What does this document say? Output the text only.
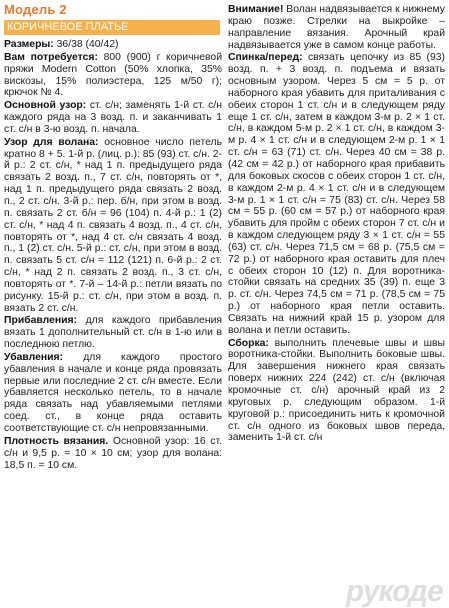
Модель 2
КОРИЧНЕВОЕ ПЛАТЬЕ
Размеры: 36/38 (40/42)
Вам потребуется: 800 (900) г коричневой пряжи Modern Cotton (50% хлопка, 35% вискозы, 15% полиэстера, 125 м/50 г); крючок № 4.
Основной узор: ст. с/н; заменять 1-й ст. с/н каждого ряда на 3 возд. п. и заканчивать 1 ст. с/н в 3-ю возд. п. начала.
Узор для волана: основное число петель кратно 8 + 5. 1-й р. (лиц. р.): 85 (93) ст. с/н. 2-й р.: 2 ст. с/н, * над 1 п. предыдущего ряда связать 2 возд. п., 7 ст. с/н, повторять от *, над 1 п. предыдущего ряда связать 2 возд. п., 2 ст. с/н. 3-й р.: пер. б/н, при этом в возд. п. связать 2 ст. б/н = 96 (104) п. 4-й р.: 1 (2) ст. с/н, * над 4 п. связать 4 возд. п., 4 ст. с/н, повторять от *, над 4 ст. с/н связать 4 возд. п., 1 (2) ст. с/н. 5-й р.: ст. с/н, при этом в возд. п. связать 5 ст. с/н = 112 (121) п. 6-й р.: 2 ст. с/н, * над 2 п. связать 2 возд. п., 3 ст. с/н, повторять от *. 7-й – 14-й р.: петли вязать по рисунку. 15-й р.: ст. с/н, при этом в возд. п. вязать 2 ст. с/н.
Прибавления: для каждого прибавления вязать 1 дополнительный ст. с/н в 1-ю или в последнюю петлю.
Убавления: для каждого простого убавления в начале и конце ряда провязать первые или последние 2 ст. с/н вместе. Если убавляется несколько петель, то в начале ряда связать над убавляемыми петлями соед. ст., в конце ряда оставить соответствующие ст. с/н непровязанными.
Плотность вязания. Основной узор: 16 ст. с/н и 9,5 р. = 10 × 10 см; узор для волана: 18,5 п. = 10 см.
Внимание! Волан надвязывается к нижнему краю позже. Стрелки на выкройке – направление вязания. Арочный край надвязывается уже в самом конце работы.
Спинка/перед: связать цепочку из 85 (93) возд. п. + 3 возд. п. подъема и вязать основным узором. Через 5 см = 5 р. от наборного края убавить для приталивания с обеих сторон 1 ст. с/н и в следующем ряду еще 1 ст. с/н, затем в каждом 3-м р. 2 × 1 ст. с/н, в каждом 5-м р. 2 × 1 ст. с/н, в каждом 3-м р. 4 × 1 ст. с/н и в следующем 2-м р. 1 × 1 ст. с/н = 63 (71) ст. с/н. Через 40 см = 38 р. (42 см = 42 р.) от наборного края прибавить для боковых скосов с обеих сторон 1 ст. с/н, в каждом 2-м р. 4 × 1 ст. с/н и в следующем 3-м р. 1 × 1 ст. с/н = 75 (83) ст. с/н. Через 58 см = 55 р. (60 см = 57 р.) от наборного края убавить для пройм с обеих сторон 7 ст. с/н и в каждом следующем ряду 3 × 1 ст. с/н = 55 (63) ст. с/н. Через 71,5 см = 68 р. (75,5 см = 72 р.) от наборного края оставить для плеч с обеих сторон 10 (12) п. Для воротника-стойки связать на средних 35 (39) п. еще 3 р. ст. с/н. Через 74,5 см = 71 р. (78,5 см = 75 р.) от наборного края петли оставить. Связать на нижний край 15 р. узором для волана и петли оставить.
Сборка: выполнить плечевые швы и швы воротника-стойки. Выполнить боковые швы. Для завершения нижнего края связать поверх нижних 224 (242) ст. с/н (включая кромочные ст. с/н) арочный край из 2 круговых р. следующим образом. 1-й круговой р.: присоединить нить к кромочной ст. с/н одного из боковых швов переда, заменить 1-й ст. с/н
рукоде
